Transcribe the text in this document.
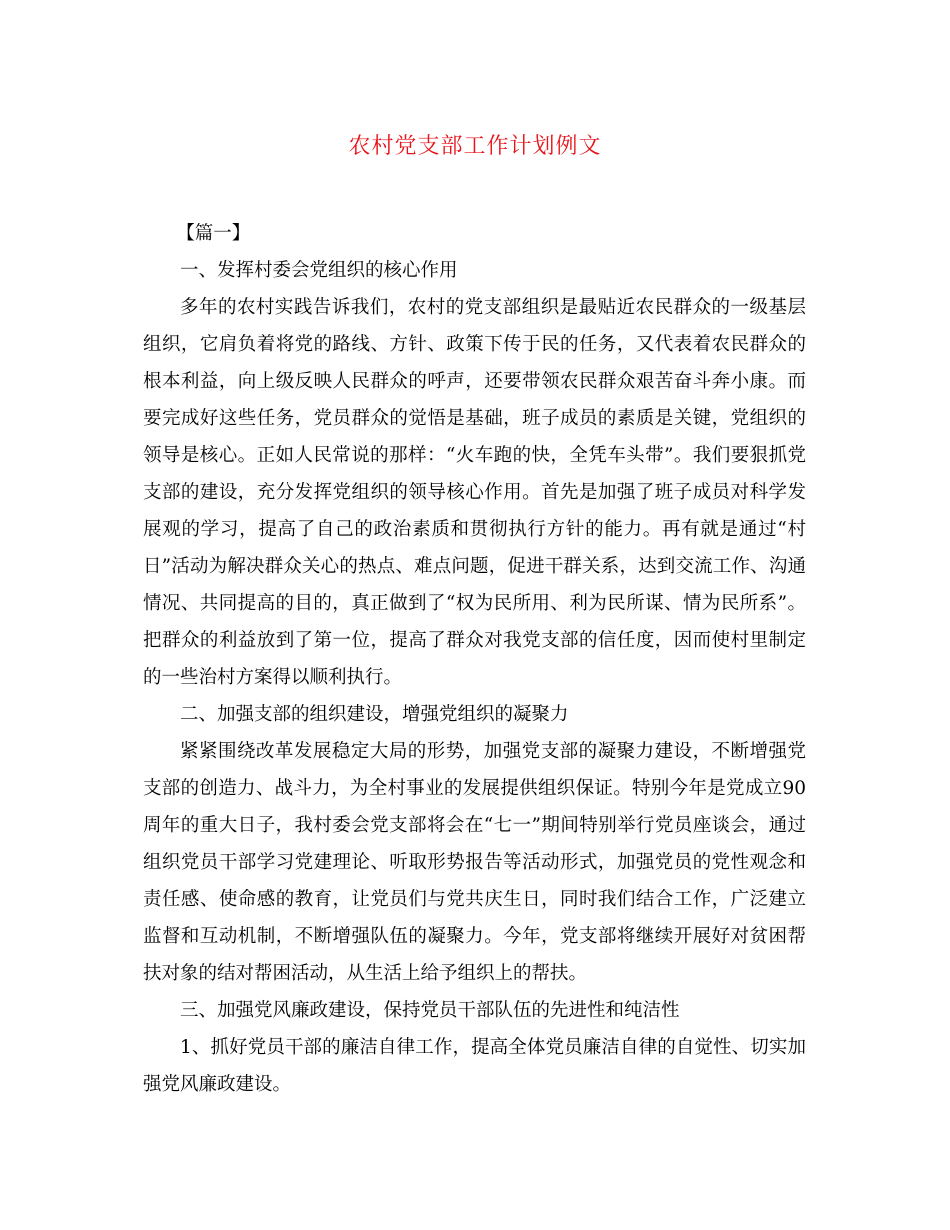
农村党支部工作计划例文

【篇一】

一、发挥村委会党组织的核心作用

多年的农村实践告诉我们，农村的党支部组织是最贴近农民群众的一级基层组织，它肩负着将党的路线、方针、政策下传于民的任务，又代表着农民群众的根本利益，向上级反映人民群众的呼声，还要带领农民群众艰苦奋斗奔小康。而要完成好这些任务，党员群众的觉悟是基础，班子成员的素质是关键，党组织的领导是核心。正如人民常说的那样：“火车跑的快，全凭车头带”。我们要狠抓党支部的建设，充分发挥党组织的领导核心作用。首先是加强了班子成员对科学发展观的学习，提高了自己的政治素质和贯彻执行方针的能力。再有就是通过“村日”活动为解决群众关心的热点、难点问题，促进干群关系，达到交流工作、沟通情况、共同提高的目的，真正做到了“权为民所用、利为民所谋、情为民所系”。把群众的利益放到了第一位，提高了群众对我党支部的信任度，因而使村里制定的一些治村方案得以顺利执行。

二、加强支部的组织建设，增强党组织的凝聚力

紧紧围绕改革发展稳定大局的形势，加强党支部的凝聚力建设，不断增强党支部的创造力、战斗力，为全村事业的发展提供组织保证。特别今年是党成立90周年的重大日子，我村委会党支部将会在“七一”期间特别举行党员座谈会，通过组织党员干部学习党建理论、听取形势报告等活动形式，加强党员的党性观念和责任感、使命感的教育，让党员们与党共庆生日，同时我们结合工作，广泛建立监督和互动机制，不断增强队伍的凝聚力。今年，党支部将继续开展好对贫困帮扶对象的结对帮困活动，从生活上给予组织上的帮扶。

三、加强党风廉政建设，保持党员干部队伍的先进性和纯洁性

1、抓好党员干部的廉洁自律工作，提高全体党员廉洁自律的自觉性、切实加强党风廉政建设。
